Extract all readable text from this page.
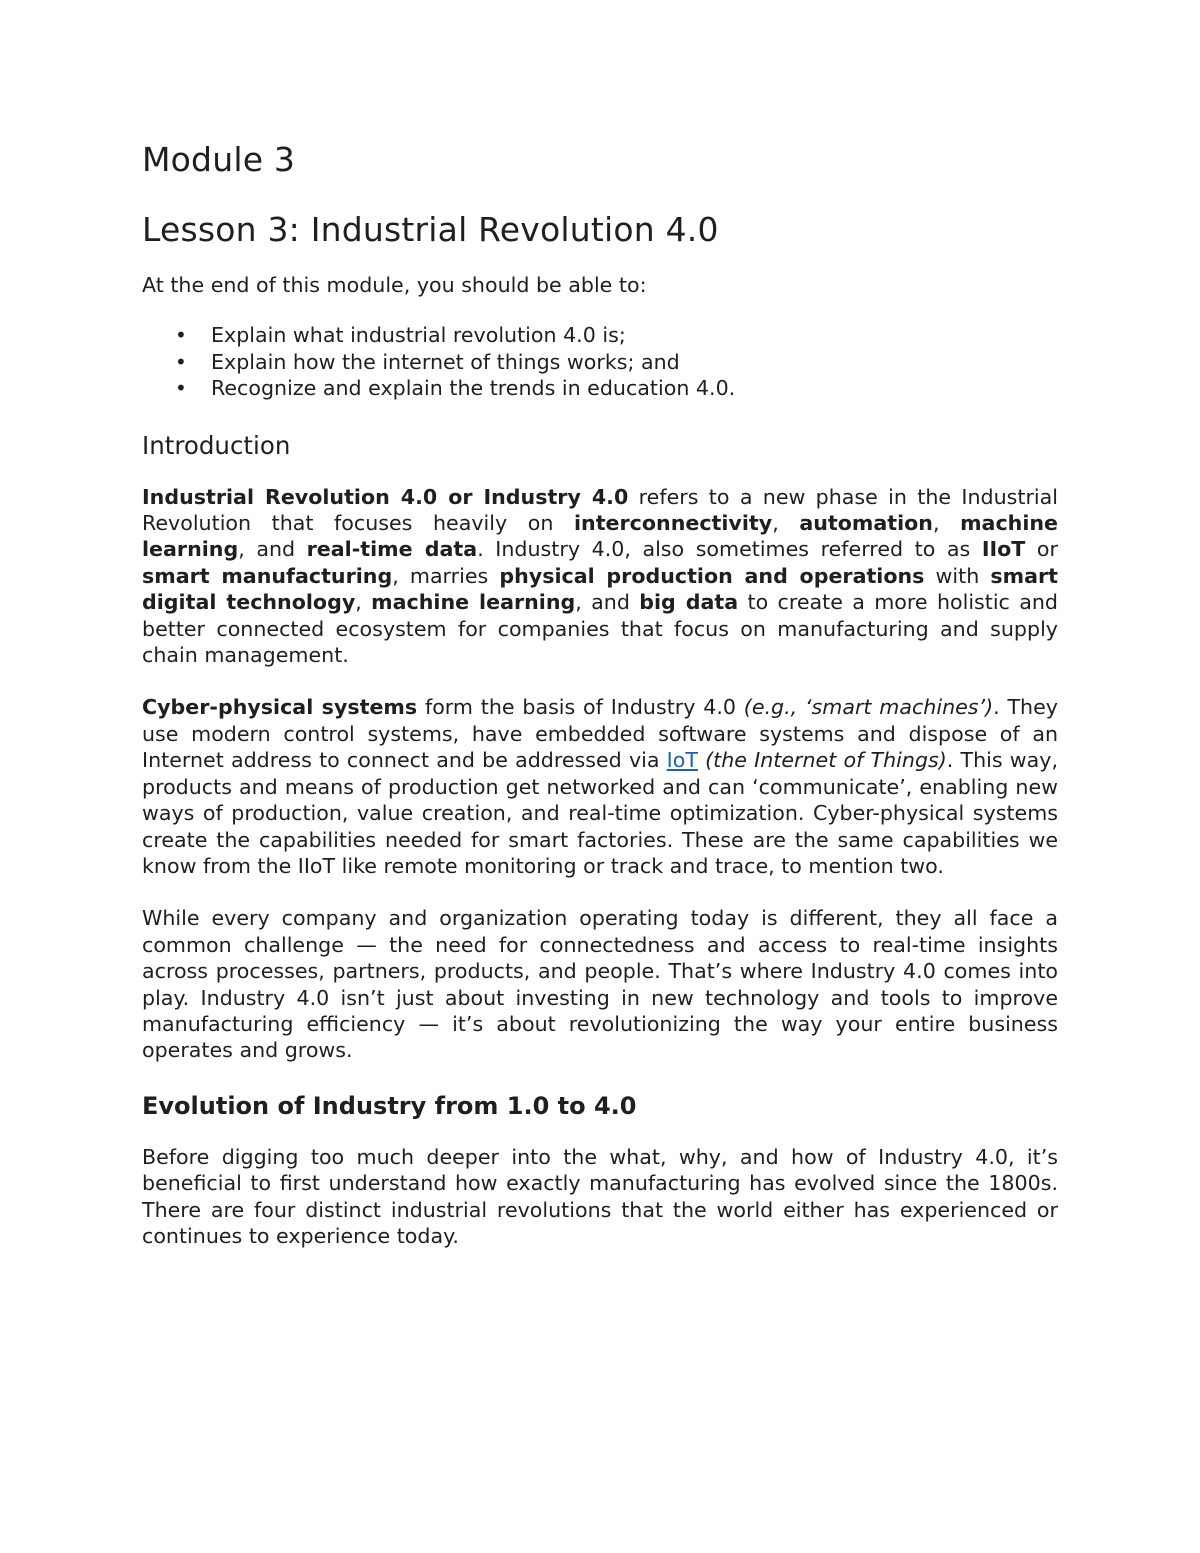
Module 3
Lesson 3: Industrial Revolution 4.0

At the end of this module, you should be able to:

• Explain what industrial revolution 4.0 is;
• Explain how the internet of things works; and
• Recognize and explain the trends in education 4.0.
Introduction

Industrial Revolution 4.0 or Industry 4.0 refers to a new phase in the Industrial Revolution that focuses heavily on interconnectivity, automation, machine learning, and real-time data. Industry 4.0, also sometimes referred to as IIoT or smart manufacturing, marries physical production and operations with smart digital technology, machine learning, and big data to create a more holistic and better connected ecosystem for companies that focus on manufacturing and supply chain management.

Cyber-physical systems form the basis of Industry 4.0 (e.g., ‘smart machines’). They use modern control systems, have embedded software systems and dispose of an Internet address to connect and be addressed via IoT (the Internet of Things). This way, products and means of production get networked and can ‘communicate’, enabling new ways of production, value creation, and real-time optimization. Cyber-physical systems create the capabilities needed for smart factories. These are the same capabilities we know from the IIoT like remote monitoring or track and trace, to mention two.

While every company and organization operating today is different, they all face a common challenge — the need for connectedness and access to real-time insights across processes, partners, products, and people. That’s where Industry 4.0 comes into play. Industry 4.0 isn’t just about investing in new technology and tools to improve manufacturing efficiency — it’s about revolutionizing the way your entire business operates and grows.

Evolution of Industry from 1.0 to 4.0

Before digging too much deeper into the what, why, and how of Industry 4.0, it’s beneficial to first understand how exactly manufacturing has evolved since the 1800s. There are four distinct industrial revolutions that the world either has experienced or continues to experience today.
